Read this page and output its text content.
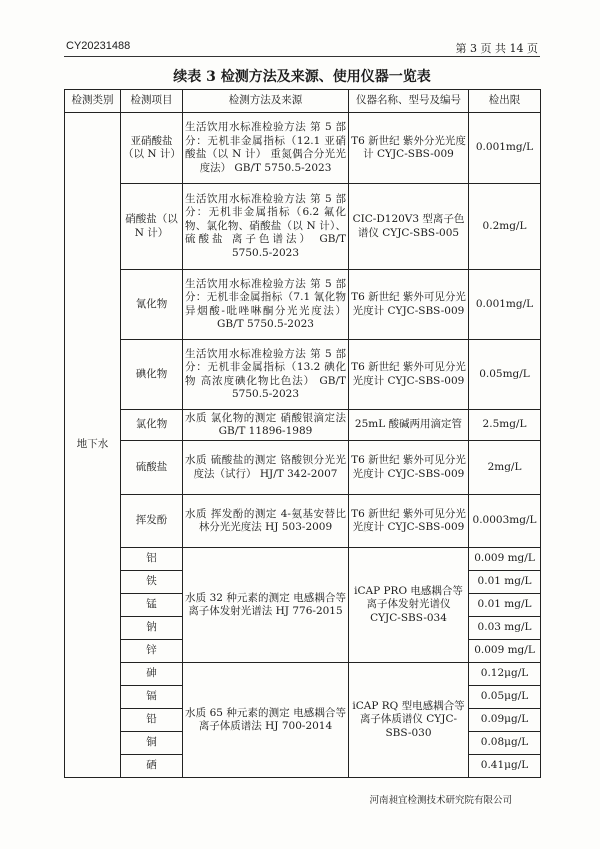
CY20231488	第 3 页 共 14 页
续表 3 检测方法及来源、使用仪器一览表
检测类别	检测项目	检测方法及来源	仪器名称、型号及编号	检出限
地下水	亚硝酸盐（以 N 计）	生活饮用水标准检验方法 第 5 部分：无机非金属指标（12.1 亚硝酸盐（以 N 计） 重氮偶合分光光度法） GB/T 5750.5-2023	T6 新世纪 紫外分光光度计 CYJC-SBS-009	0.001mg/L
	硝酸盐（以 N 计）	生活饮用水标准检验方法 第 5 部分：无机非金属指标（6.2 氟化物、氯化物、硝酸盐（以 N 计）、硫酸盐 离子色谱法） GB/T 5750.5-2023	CIC-D120V3 型离子色谱仪 CYJC-SBS-005	0.2mg/L
	氰化物	生活饮用水标准检验方法 第 5 部分：无机非金属指标（7.1 氰化物 异烟酸-吡唑啉酮分光光度法） GB/T 5750.5-2023	T6 新世纪 紫外可见分光光度计 CYJC-SBS-009	0.001mg/L
	碘化物	生活饮用水标准检验方法 第 5 部分：无机非金属指标（13.2 碘化物 高浓度碘化物比色法） GB/T 5750.5-2023	T6 新世纪 紫外可见分光光度计 CYJC-SBS-009	0.05mg/L
	氯化物	水质 氯化物的测定 硝酸银滴定法 GB/T 11896-1989	25mL 酸碱两用滴定管	2.5mg/L
	硫酸盐	水质 硫酸盐的测定 铬酸钡分光光度法（试行） HJ/T 342-2007	T6 新世纪 紫外可见分光光度计 CYJC-SBS-009	2mg/L
	挥发酚	水质 挥发酚的测定 4-氨基安替比林分光光度法 HJ 503-2009	T6 新世纪 紫外可见分光光度计 CYJC-SBS-009	0.0003mg/L
	铝	水质 32 种元素的测定 电感耦合等离子体发射光谱法 HJ 776-2015	iCAP PRO 电感耦合等离子体发射光谱仪 CYJC-SBS-034	0.009 mg/L
	铁			0.01 mg/L
	锰			0.01 mg/L
	钠			0.03 mg/L
	锌			0.009 mg/L
	砷	水质 65 种元素的测定 电感耦合等离子体质谱法 HJ 700-2014	iCAP RQ 型电感耦合等离子体质谱仪 CYJC-SBS-030	0.12μg/L
	镉			0.05μg/L
	铅			0.09μg/L
	铜			0.08μg/L
	硒			0.41μg/L
河南昶宜检测技术研究院有限公司
